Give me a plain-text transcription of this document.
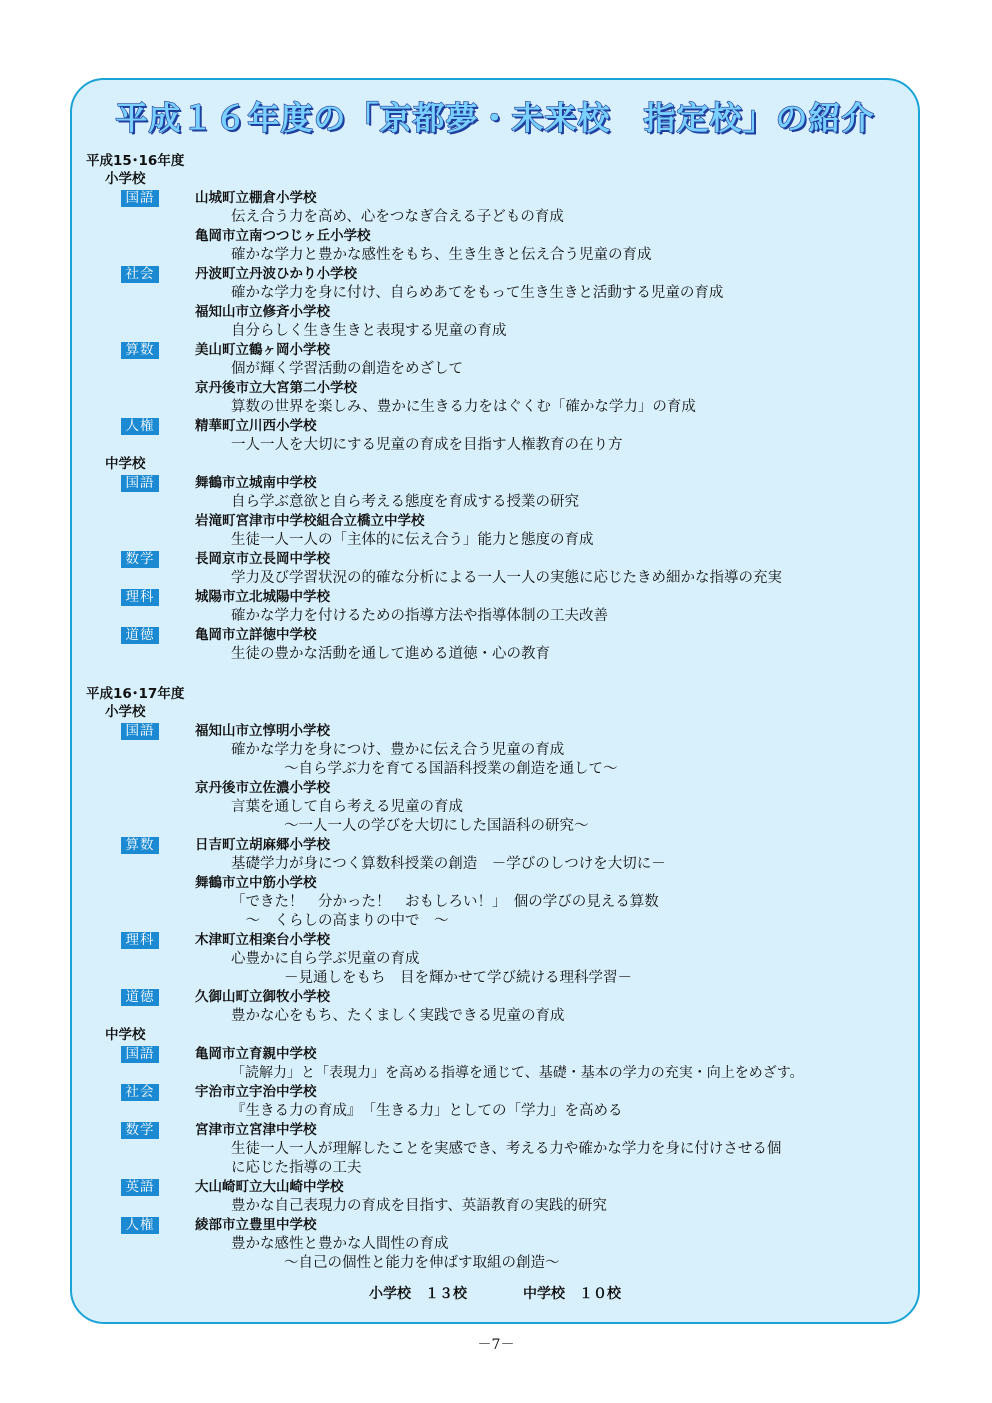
平成１６年度の「京都夢・未来校　指定校」の紹介
平成15･16年度
小学校
国語	山城町立棚倉小学校
伝え合う力を高め、心をつなぎ合える子どもの育成
亀岡市立南つつじヶ丘小学校
確かな学力と豊かな感性をもち、生き生きと伝え合う児童の育成
社会	丹波町立丹波ひかり小学校
確かな学力を身に付け、自らめあてをもって生き生きと活動する児童の育成
福知山市立修斉小学校
自分らしく生き生きと表現する児童の育成
算数	美山町立鶴ヶ岡小学校
個が輝く学習活動の創造をめざして
京丹後市立大宮第二小学校
算数の世界を楽しみ、豊かに生きる力をはぐくむ「確かな学力」の育成
人権	精華町立川西小学校
一人一人を大切にする児童の育成を目指す人権教育の在り方
中学校
国語	舞鶴市立城南中学校
自ら学ぶ意欲と自ら考える態度を育成する授業の研究
岩滝町宮津市中学校組合立橋立中学校
生徒一人一人の「主体的に伝え合う」能力と態度の育成
数学	長岡京市立長岡中学校
学力及び学習状況の的確な分析による一人一人の実態に応じたきめ細かな指導の充実
理科	城陽市立北城陽中学校
確かな学力を付けるための指導方法や指導体制の工夫改善
道徳	亀岡市立詳徳中学校
生徒の豊かな活動を通して進める道徳・心の教育
平成16･17年度
小学校
国語	福知山市立惇明小学校
確かな学力を身につけ、豊かに伝え合う児童の育成
～自ら学ぶ力を育てる国語科授業の創造を通して～
京丹後市立佐濃小学校
言葉を通して自ら考える児童の育成
～一人一人の学びを大切にした国語科の研究～
算数	日吉町立胡麻郷小学校
基礎学力が身につく算数科授業の創造　－学びのしつけを大切に－
舞鶴市立中筋小学校
「できた！　分かった！　おもしろい！」　個の学びの見える算数
　～　くらしの高まりの中で　～
理科	木津町立相楽台小学校
心豊かに自ら学ぶ児童の育成
－見通しをもち　目を輝かせて学び続ける理科学習－
道徳	久御山町立御牧小学校
豊かな心をもち、たくましく実践できる児童の育成
中学校
国語	亀岡市立育親中学校
「読解力」と「表現力」を高める指導を通じて、基礎・基本の学力の充実・向上をめざす。
社会	宇治市立宇治中学校
『生きる力の育成』　「生きる力」としての「学力」を高める
数学	宮津市立宮津中学校
生徒一人一人が理解したことを実感でき、考える力や確かな学力を身に付けさせる個
に応じた指導の工夫
英語	大山崎町立大山崎中学校
豊かな自己表現力の育成を目指す、英語教育の実践的研究
人権	綾部市立豊里中学校
豊かな感性と豊かな人間性の育成
～自己の個性と能力を伸ばす取組の創造～
小学校　１３校　　　　	中学校　１０校
－7－
